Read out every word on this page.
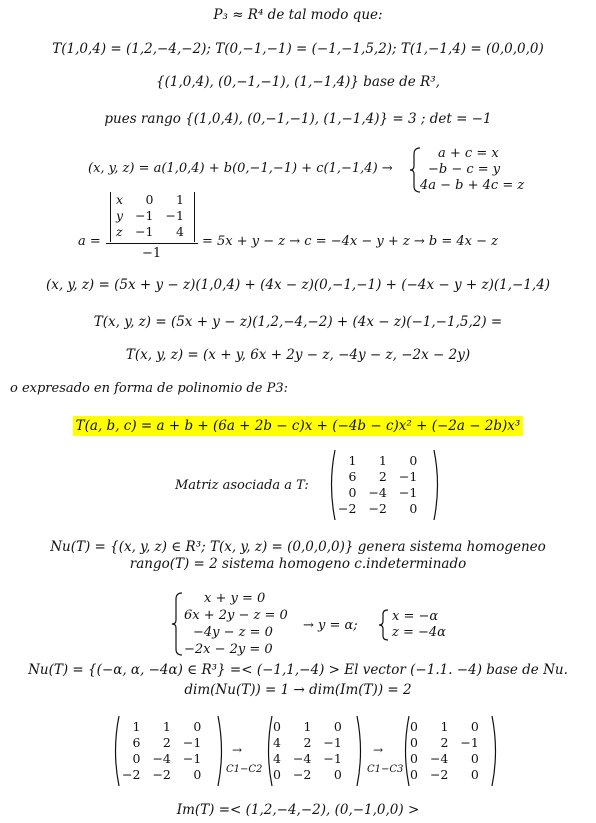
P₃ ≈ R⁴ de tal modo que:
T(1,0,4) = (1,2,−4,−2); T(0,−1,−1) = (−1,−1,5,2); T(1,−1,4) = (0,0,0,0)
{(1,0,4), (0,−1,−1), (1,−1,4)} base de R³,
pues rango {(1,0,4), (0,−1,−1), (1,−1,4)} = 3 ; det = −1
(x, y, z) = a(1,0,4) + b(0,−1,−1) + c(1,−1,4) →
a + c = x
−b − c = y
4a − b + 4c = z
a =
x	0	1
y	−1	−1
z	−1	4
−1
= 5x + y − z → c = −4x − y + z → b = 4x − z
(x, y, z) = (5x + y − z)(1,0,4) + (4x − z)(0,−1,−1) + (−4x − y + z)(1,−1,4)
T(x, y, z) = (5x + y − z)(1,2,−4,−2) + (4x − z)(−1,−1,5,2) =
T(x, y, z) = (x + y, 6x + 2y − z, −4y − z, −2x − 2y)
o expresado en forma de polinomio de P3:
T(a, b, c) = a + b + (6a + 2b − c)x + (−4b − c)x² + (−2a − 2b)x³
Matriz asociada a T:
1	1	0
6	2	−1
0	−4	−1
−2	−2	0
Nu(T) = {(x, y, z) ∈ R³; T(x, y, z) = (0,0,0,0)} genera sistema homogeneo
rango(T) = 2 sistema homogeno c.indeterminado
x + y = 0
6x + 2y − z = 0
−4y − z = 0
−2x − 2y = 0
→ y = α;
x = −α
z = −4α
Nu(T) = {(−α, α, −4α) ∈ R³} =< (−1,1,−4) > El vector (−1.1. −4) base de Nu.
dim(Nu(T)) = 1 → dim(Im(T)) = 2
1	1	0
6	2	−1
0	−4	−1
−2	−2	0
→
C1−C2
0	1	0
4	2	−1
4	−4	−1
0	−2	0
→
C1−C3
0	1	0
0	2	−1
0	−4	0
0	−2	0
Im(T) =< (1,2,−4,−2), (0,−1,0,0) >
